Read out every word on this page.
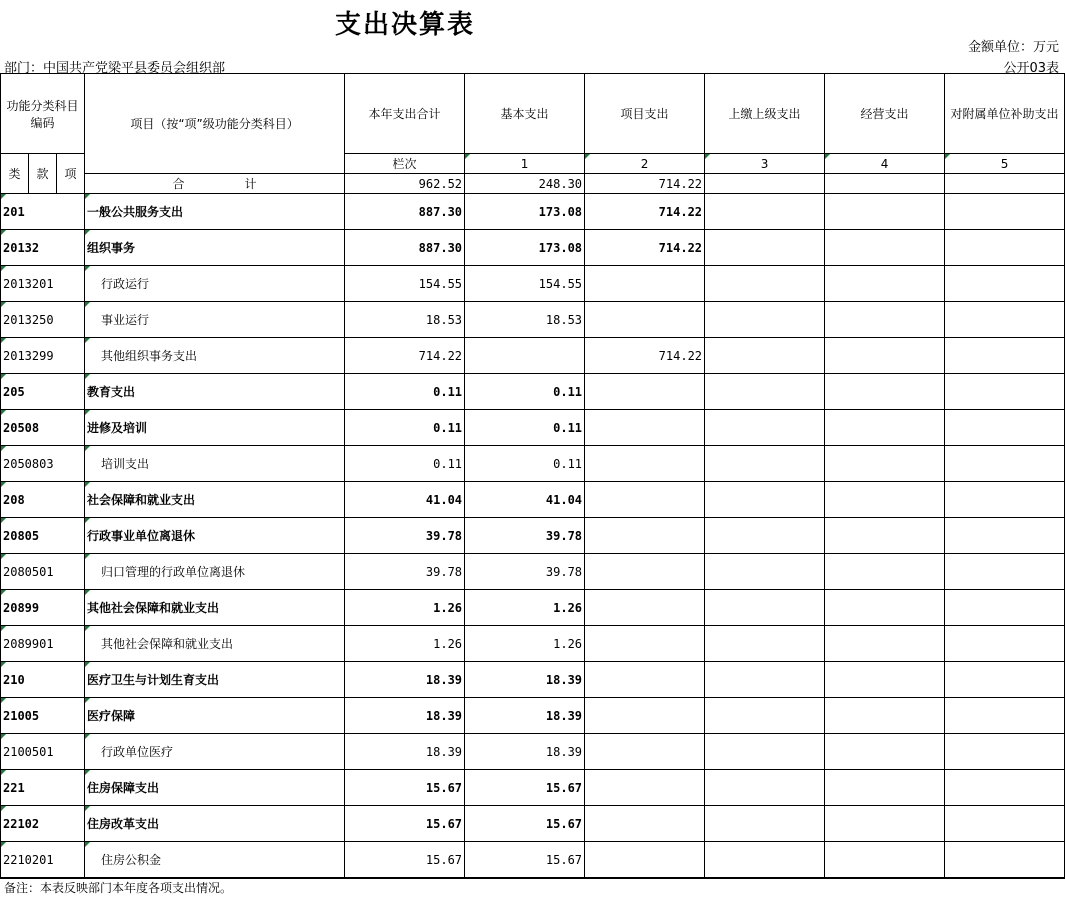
支出决算表
金额单位：万元
部门：中国共产党梁平县委员会组织部	公开03表
功能分类科目编码			项目（按“项”级功能分类科目）	本年支出合计	基本支出	项目支出	上缴上级支出	经营支出	对附属单位补助支出	
类	款	项		栏次	1	2	3	4	5	
			合　　　　　计	962.52	248.30	714.22				
201			一般公共服务支出	887.30	173.08	714.22				
20132			组织事务	887.30	173.08	714.22				
2013201			行政运行	154.55	154.55					
2013250			事业运行	18.53	18.53					
2013299			其他组织事务支出	714.22		714.22				
205			教育支出	0.11	0.11					
20508			进修及培训	0.11	0.11					
2050803			培训支出	0.11	0.11					
208			社会保障和就业支出	41.04	41.04					
20805			行政事业单位离退休	39.78	39.78					
2080501			归口管理的行政单位离退休	39.78	39.78					
20899			其他社会保障和就业支出	1.26	1.26					
2089901			其他社会保障和就业支出	1.26	1.26					
210			医疗卫生与计划生育支出	18.39	18.39					
21005			医疗保障	18.39	18.39					
2100501			行政单位医疗	18.39	18.39					
221			住房保障支出	15.67	15.67					
22102			住房改革支出	15.67	15.67					
2210201			住房公积金	15.67	15.67					
备注：本表反映部门本年度各项支出情况。
